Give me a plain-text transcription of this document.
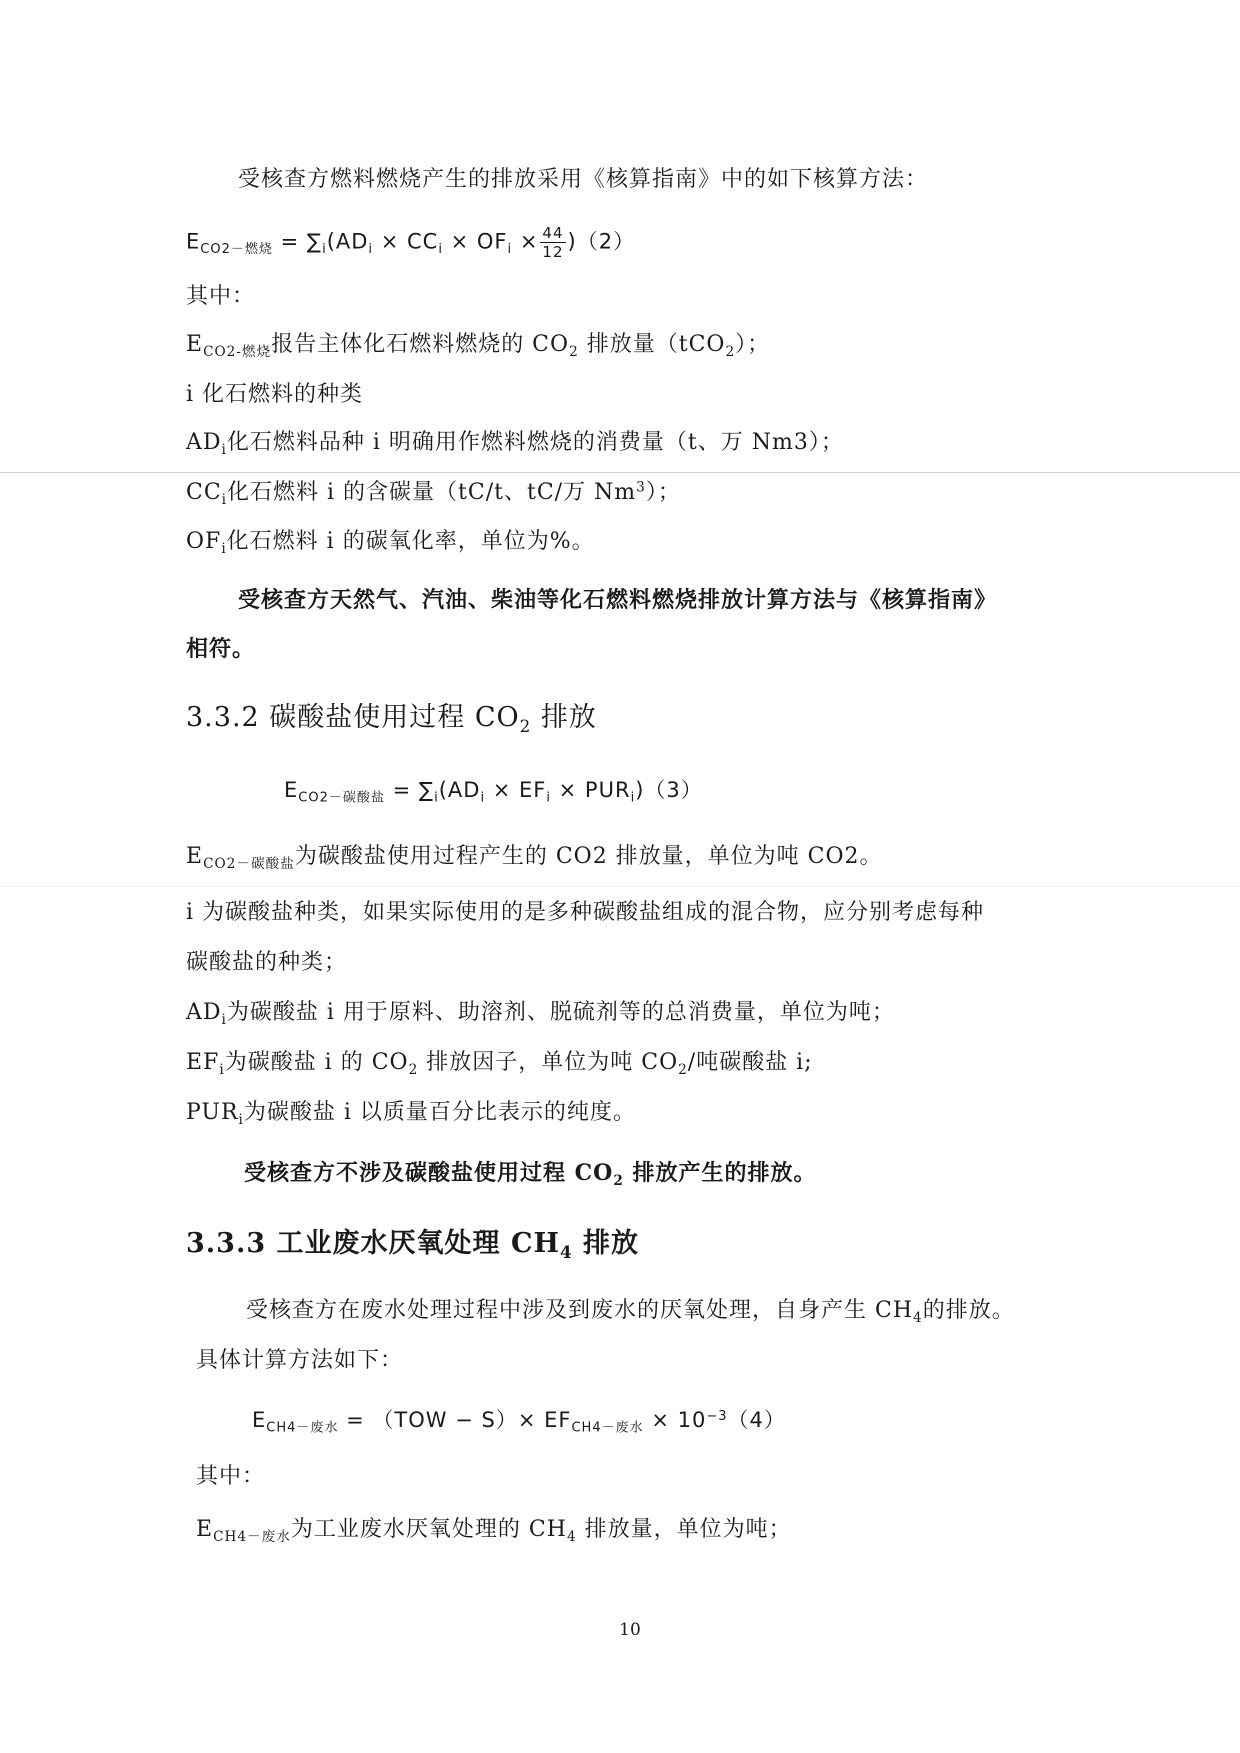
受核查方燃料燃烧产生的排放采用《核算指南》中的如下核算方法：
$E_{CO2-燃烧} = \sum_i(AD_i \times CC_i \times OF_i \times \frac{44}{12} )(2)$
其中：
$E_{CO2-燃烧}$报告主体化石燃料燃烧的 $CO_2$ 排放量（tCO$_2$）；
i 化石燃料的种类
$AD_i$化石燃料品种 i 明确用作燃料燃烧的消费量（t、万 Nm3）；
$CC_i$化石燃料 i 的含碳量（tC/t、tC/万 Nm$^3$）；
$OF_i$化石燃料 i 的碳氧化率，单位为%。
受核查方天然气、汽油、柴油等化石燃料燃烧排放计算方法与《核算指南》
相符。
3.3.2 碳酸盐使用过程 $CO_2$ 排放
$E_{CO2-碳酸盐} = \sum_i(AD_i \times EF_i \times PUR_i)(3)$
$E_{CO2-碳酸盐}$为碳酸盐使用过程产生的 CO2 排放量，单位为吨 CO2。
i 为碳酸盐种类，如果实际使用的是多种碳酸盐组成的混合物，应分别考虑每种
碳酸盐的种类；
$AD_i$为碳酸盐 i 用于原料、助溶剂、脱硫剂等的总消费量，单位为吨；
$EF_i$为碳酸盐 i 的 $CO_2$ 排放因子，单位为吨 $CO_2/$吨碳酸盐 i;
$PUR_i$为碳酸盐 i 以质量百分比表示的纯度。
受核查方不涉及碳酸盐使用过程 $CO_2$ 排放产生的排放。
3.3.3 工业废水厌氧处理 $CH_4$ 排放
受核查方在废水处理过程中涉及到废水的厌氧处理，自身产生 $CH_4$的排放。
具体计算方法如下：
$E_{CH4-废水} = (TOW - S)\times EF_{CH4-废水} \times 10^{-3}(4)$
其中：
$E_{CH4-废水}$为工业废水厌氧处理的 $CH_4$ 排放量，单位为吨；
10
